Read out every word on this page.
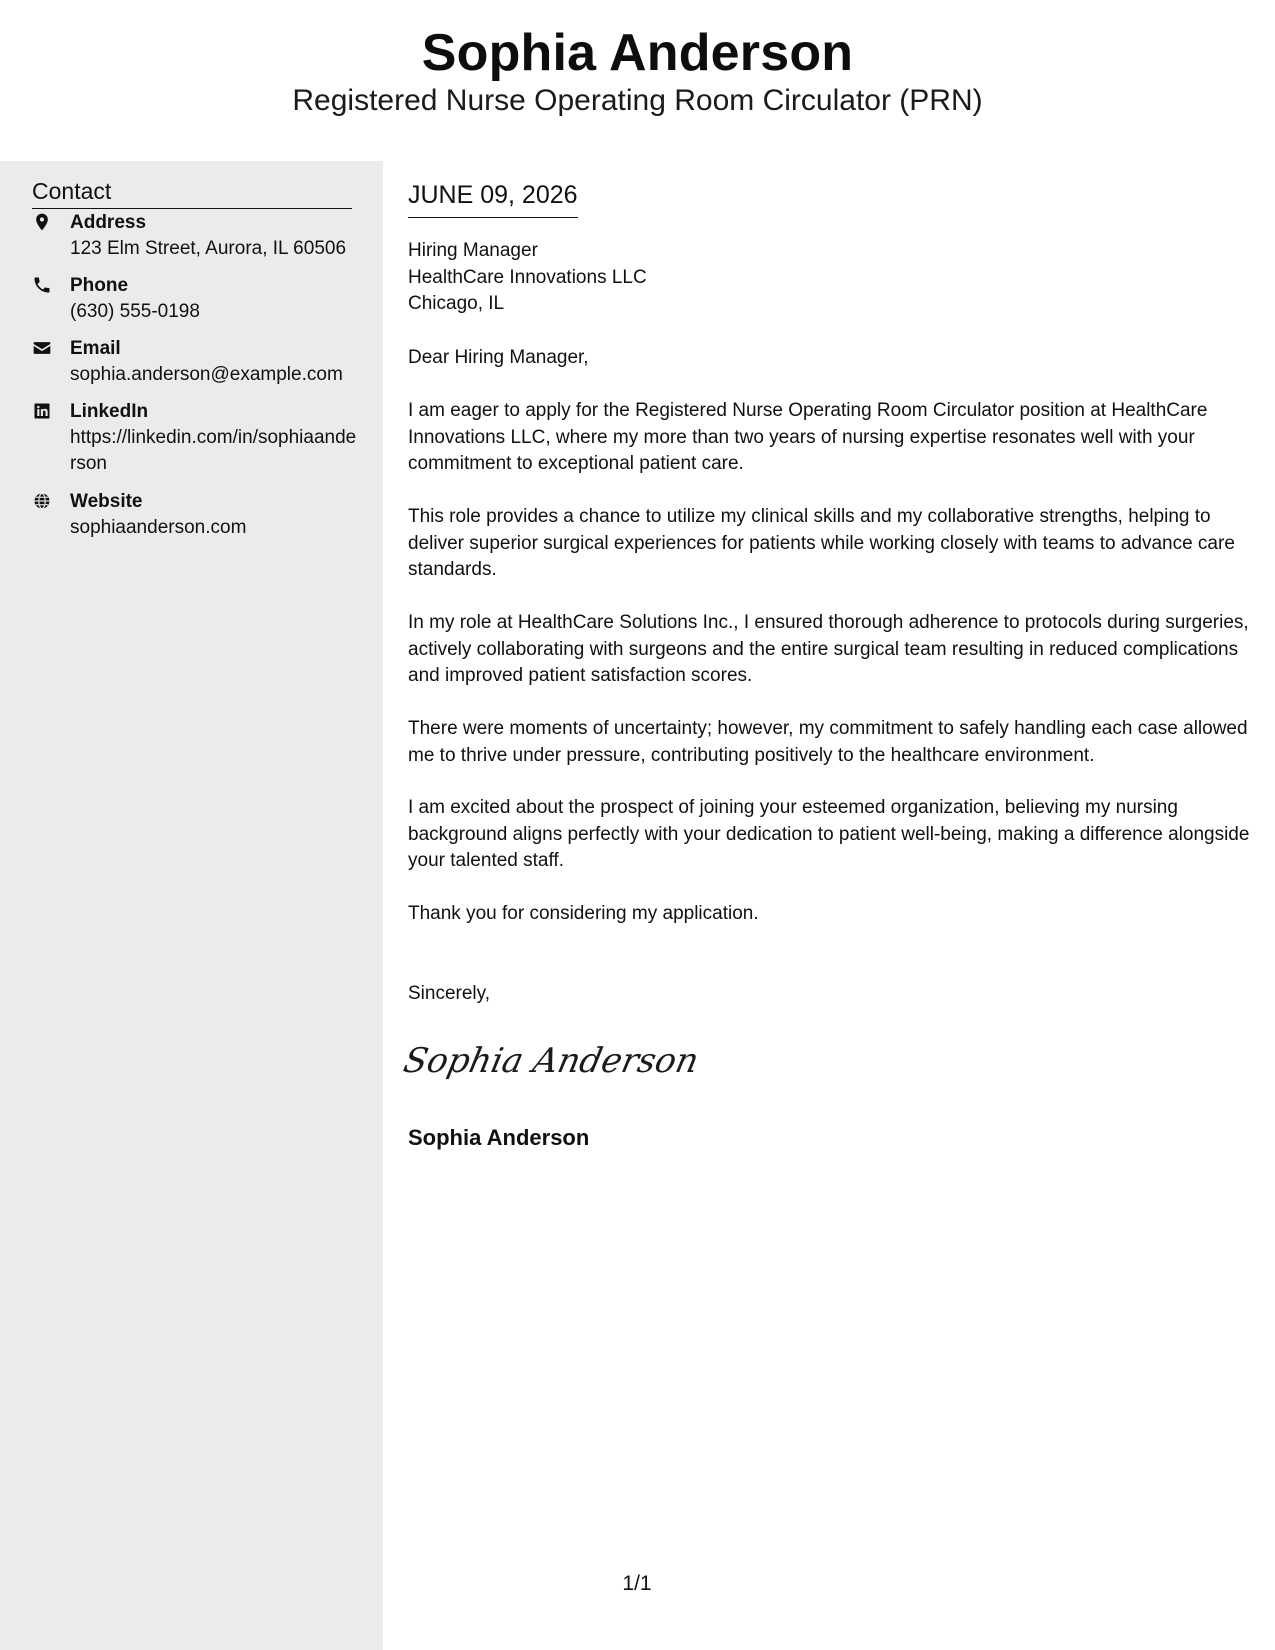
Sophia Anderson
Registered Nurse Operating Room Circulator (PRN)
Contact
Address
123 Elm Street, Aurora, IL 60506
Phone
(630) 555-0198
Email
sophia.anderson@example.com
LinkedIn
https://linkedin.com/in/sophiaanderson
Website
sophiaanderson.com
JUNE 09, 2026
Hiring Manager
HealthCare Innovations LLC
Chicago, IL
Dear Hiring Manager,
I am eager to apply for the Registered Nurse Operating Room Circulator position at HealthCare Innovations LLC, where my more than two years of nursing expertise resonates well with your commitment to exceptional patient care.
This role provides a chance to utilize my clinical skills and my collaborative strengths, helping to deliver superior surgical experiences for patients while working closely with teams to advance care standards.
In my role at HealthCare Solutions Inc., I ensured thorough adherence to protocols during surgeries, actively collaborating with surgeons and the entire surgical team resulting in reduced complications and improved patient satisfaction scores.
There were moments of uncertainty; however, my commitment to safely handling each case allowed me to thrive under pressure, contributing positively to the healthcare environment.
I am excited about the prospect of joining your esteemed organization, believing my nursing background aligns perfectly with your dedication to patient well-being, making a difference alongside your talented staff.
Thank you for considering my application.
Sincerely,
Sophia Anderson
Sophia Anderson
1/1
